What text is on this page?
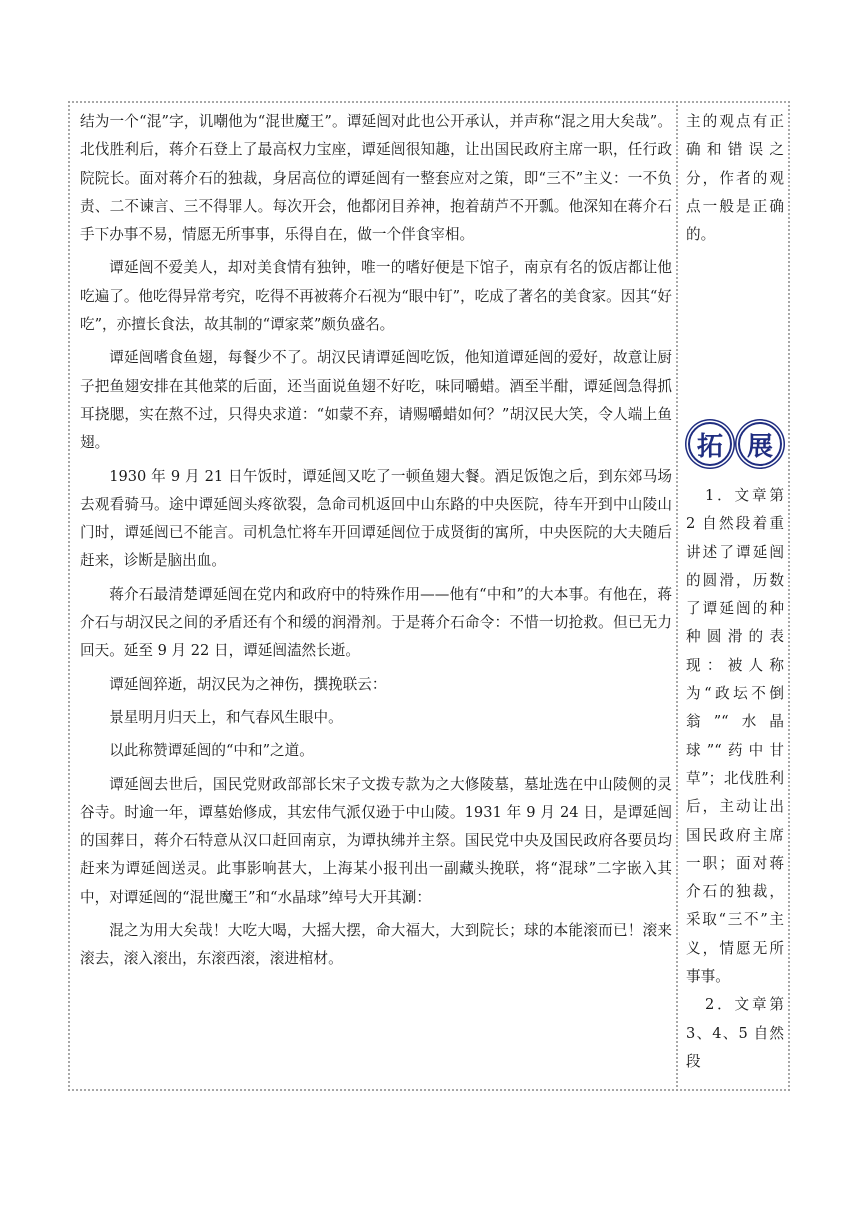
结为一个“混”字，讥嘲他为“混世魔王”。谭延闿对此也公开承认，并声称“混之用大矣哉”。北伐胜利后，蒋介石登上了最高权力宝座，谭延闿很知趣，让出国民政府主席一职，任行政院院长。面对蒋介石的独裁，身居高位的谭延闿有一整套应对之策，即“三不”主义：一不负责、二不谏言、三不得罪人。每次开会，他都闭目养神，抱着葫芦不开瓢。他深知在蒋介石手下办事不易，情愿无所事事，乐得自在，做一个伴食宰相。

谭延闿不爱美人，却对美食情有独钟，唯一的嗜好便是下馆子，南京有名的饭店都让他吃遍了。他吃得异常考究，吃得不再被蒋介石视为“眼中钉”，吃成了著名的美食家。因其“好吃”，亦擅长食法，故其制的“谭家菜”颇负盛名。

谭延闿嗜食鱼翅，每餐少不了。胡汉民请谭延闿吃饭，他知道谭延闿的爱好，故意让厨子把鱼翅安排在其他菜的后面，还当面说鱼翅不好吃，味同嚼蜡。酒至半酣，谭延闿急得抓耳挠腮，实在熬不过，只得央求道：“如蒙不弃，请赐嚼蜡如何？”胡汉民大笑，令人端上鱼翅。

1930 年 9 月 21 日午饭时，谭延闿又吃了一顿鱼翅大餐。酒足饭饱之后，到东郊马场去观看骑马。途中谭延闿头疼欲裂，急命司机返回中山东路的中央医院，待车开到中山陵山门时，谭延闿已不能言。司机急忙将车开回谭延闿位于成贤街的寓所，中央医院的大夫随后赶来，诊断是脑出血。

蒋介石最清楚谭延闿在党内和政府中的特殊作用——他有“中和”的大本事。有他在，蒋介石与胡汉民之间的矛盾还有个和缓的润滑剂。于是蒋介石命令：不惜一切抢救。但已无力回天。延至 9 月 22 日，谭延闿溘然长逝。

谭延闿猝逝，胡汉民为之神伤，撰挽联云：

景星明月归天上，和气春风生眼中。

以此称赞谭延闿的“中和”之道。

谭延闿去世后，国民党财政部部长宋子文拨专款为之大修陵墓，墓址选在中山陵侧的灵谷寺。时逾一年，谭墓始修成，其宏伟气派仅逊于中山陵。1931 年 9 月 24 日，是谭延闿的国葬日，蒋介石特意从汉口赶回南京，为谭执绋并主祭。国民党中央及国民政府各要员均赶来为谭延闿送灵。此事影响甚大，上海某小报刊出一副藏头挽联，将“混球”二字嵌入其中，对谭延闿的“混世魔王”和“水晶球”绰号大开其涮：

混之为用大矣哉！大吃大喝，大摇大摆，命大福大，大到院长；球的本能滚而已！滚来滚去，滚入滚出，东滚西滚，滚进棺材。

主的观点有正确和错误之分，作者的观点一般是正确的。

拓 展

1．文章第 2 自然段着重讲述了谭延闿的圆滑，历数了谭延闿的种种圆滑的表现：被人称为“政坛不倒翁”“水晶球”“药中甘草”；北伐胜利后，主动让出国民政府主席一职；面对蒋介石的独裁，采取“三不”主义，情愿无所事事。

2．文章第 3、4、5 自然段
